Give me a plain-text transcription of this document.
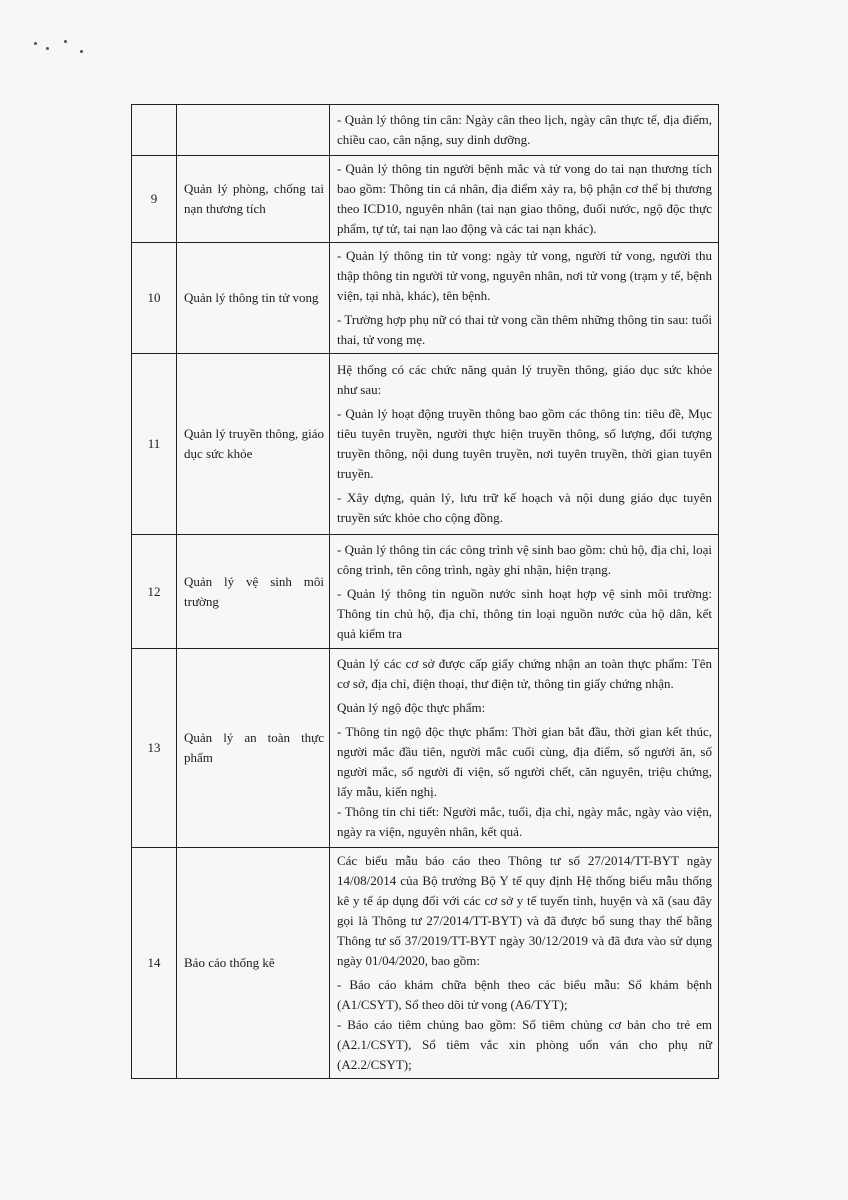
		- Quản lý thông tin cân: Ngày cân theo lịch, ngày cân thực tế, địa điểm, chiều cao, cân nặng, suy dinh dưỡng.

9	Quản lý phòng, chống tai nạn thương tích	- Quản lý thông tin người bệnh mắc và tử vong do tai nạn thương tích bao gồm: Thông tin cá nhân, địa điểm xảy ra, bộ phận cơ thể bị thương theo ICD10, nguyên nhân (tai nạn giao thông, đuối nước, ngộ độc thực phẩm, tự tử, tai nạn lao động và các tai nạn khác).

10	Quản lý thông tin tử vong	- Quản lý thông tin tử vong: ngày tử vong, người tử vong, người thu thập thông tin người tử vong, nguyên nhân, nơi tử vong (trạm y tế, bệnh viện, tại nhà, khác), tên bệnh.

- Trường hợp phụ nữ có thai tử vong cần thêm những thông tin sau: tuổi thai, tử vong mẹ.

11	Quản lý truyền thông, giáo dục sức khỏe	Hệ thống có các chức năng quản lý truyền thông, giáo dục sức khỏe như sau:

- Quản lý hoạt động truyền thông bao gồm các thông tin: tiêu đề, Mục tiêu tuyên truyền, người thực hiện truyền thông, số lượng, đối tượng truyền thông, nội dung tuyên truyền, nơi tuyên truyền, thời gian tuyên truyền.

- Xây dựng, quản lý, lưu trữ kế hoạch và nội dung giáo dục tuyên truyền sức khỏe cho cộng đồng.

12	Quản lý vệ sinh môi trường	- Quản lý thông tin các công trình vệ sinh bao gồm: chủ hộ, địa chỉ, loại công trình, tên công trình, ngày ghi nhận, hiện trạng.

- Quản lý thông tin nguồn nước sinh hoạt hợp vệ sinh môi trường: Thông tin chủ hộ, địa chỉ, thông tin loại nguồn nước của hộ dân, kết quả kiểm tra

13	Quản lý an toàn thực phẩm	Quản lý các cơ sở được cấp giấy chứng nhận an toàn thực phẩm: Tên cơ sở, địa chỉ, điện thoại, thư điện tử, thông tin giấy chứng nhận.

Quản lý ngộ độc thực phẩm:

- Thông tin ngộ độc thực phẩm: Thời gian bắt đầu, thời gian kết thúc, người mắc đầu tiên, người mắc cuối cùng, địa điểm, số người ăn, số người mắc, số người đi viện, số người chết, căn nguyên, triệu chứng, lấy mẫu, kiến nghị.

- Thông tin chi tiết: Người mắc, tuổi, địa chỉ, ngày mắc, ngày vào viện, ngày ra viện, nguyên nhân, kết quả.

14	Báo cáo thống kê	Các biểu mẫu báo cáo theo Thông tư số 27/2014/TT-BYT ngày 14/08/2014 của Bộ trưởng Bộ Y tế quy định Hệ thống biểu mẫu thống kê y tế áp dụng đối với các cơ sở y tế tuyến tỉnh, huyện và xã (sau đây gọi là Thông tư 27/2014/TT-BYT) và đã được bổ sung thay thế bằng Thông tư số 37/2019/TT-BYT ngày 30/12/2019 và đã đưa vào sử dụng ngày 01/04/2020, bao gồm:

- Báo cáo khám chữa bệnh theo các biểu mẫu: Sổ khám bệnh (A1/CSYT), Sổ theo dõi tử vong (A6/TYT);

- Báo cáo tiêm chủng bao gồm: Sổ tiêm chủng cơ bản cho trẻ em (A2.1/CSYT), Sổ tiêm vắc xin phòng uốn ván cho phụ nữ (A2.2/CSYT);
